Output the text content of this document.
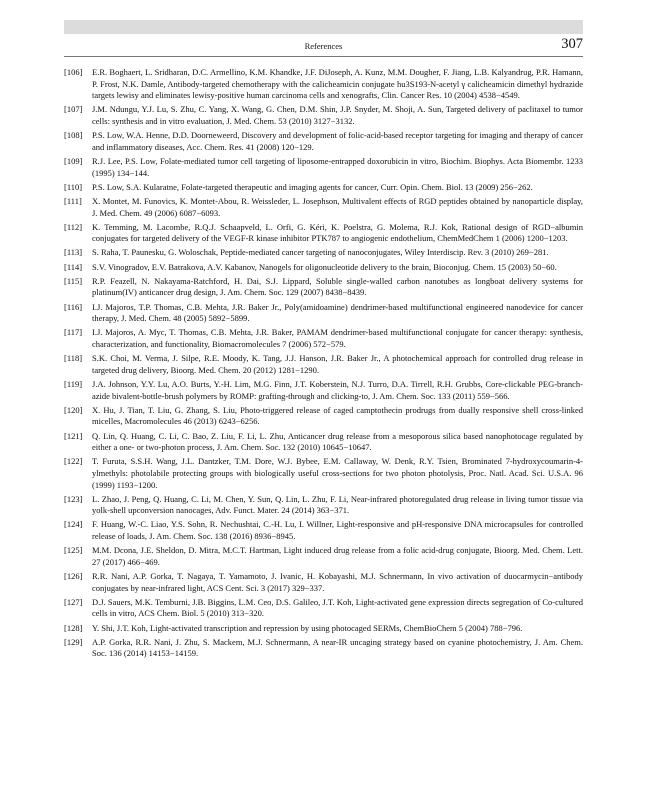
References	307
[106]	E.R. Boghaert, L. Sridharan, D.C. Armellino, K.M. Khandke, J.F. DiJoseph, A. Kunz, M.M. Dougher, F. Jiang, L.B. Kalyandrug, P.R. Hamann, P. Frost, N.K. Damle, Antibody-targeted chemotherapy with the calicheamicin conjugate hu3S193-N-acetyl γ calicheamicin dimethyl hydrazide targets lewisy and eliminates lewisy-positive human carcinoma cells and xenografts, Clin. Cancer Res. 10 (2004) 4538−4549.
[107]	J.M. Ndungu, Y.J. Lu, S. Zhu, C. Yang, X. Wang, G. Chen, D.M. Shin, J.P. Snyder, M. Shoji, A. Sun, Targeted delivery of paclitaxel to tumor cells: synthesis and in vitro evaluation, J. Med. Chem. 53 (2010) 3127−3132.
[108]	P.S. Low, W.A. Henne, D.D. Doorneweerd, Discovery and development of folic-acid-based receptor targeting for imaging and therapy of cancer and inflammatory diseases, Acc. Chem. Res. 41 (2008) 120−129.
[109]	R.J. Lee, P.S. Low, Folate-mediated tumor cell targeting of liposome-entrapped doxorubicin in vitro, Biochim. Biophys. Acta Biomembr. 1233 (1995) 134−144.
[110]	P.S. Low, S.A. Kularatne, Folate-targeted therapeutic and imaging agents for cancer, Curr. Opin. Chem. Biol. 13 (2009) 256−262.
[111]	X. Montet, M. Funovics, K. Montet-Abou, R. Weissleder, L. Josephson, Multivalent effects of RGD peptides obtained by nanoparticle display, J. Med. Chem. 49 (2006) 6087−6093.
[112]	K. Temming, M. Lacombe, R.Q.J. Schaapveld, L. Orfi, G. Kéri, K. Poelstra, G. Molema, R.J. Kok, Rational design of RGD−albumin conjugates for targeted delivery of the VEGF-R kinase inhibitor PTK787 to angiogenic endothelium, ChemMedChem 1 (2006) 1200−1203.
[113]	S. Raha, T. Paunesku, G. Woloschak, Peptide-mediated cancer targeting of nanoconjugates, Wiley Interdiscip. Rev. 3 (2010) 269−281.
[114]	S.V. Vinogradov, E.V. Batrakova, A.V. Kabanov, Nanogels for oligonucleotide delivery to the brain, Bioconjug. Chem. 15 (2003) 50−60.
[115]	R.P. Feazell, N. Nakayama-Ratchford, H. Dai, S.J. Lippard, Soluble single-walled carbon nanotubes as longboat delivery systems for platinum(IV) anticancer drug design, J. Am. Chem. Soc. 129 (2007) 8438−8439.
[116]	I.J. Majoros, T.P. Thomas, C.B. Mehta, J.R. Baker Jr., Poly(amidoamine) dendrimer-based multifunctional engineered nanodevice for cancer therapy, J. Med. Chem. 48 (2005) 5892−5899.
[117]	I.J. Majoros, A. Myc, T. Thomas, C.B. Mehta, J.R. Baker, PAMAM dendrimer-based multifunctional conjugate for cancer therapy: synthesis, characterization, and functionality, Biomacromolecules 7 (2006) 572−579.
[118]	S.K. Choi, M. Verma, J. Silpe, R.E. Moody, K. Tang, J.J. Hanson, J.R. Baker Jr., A photochemical approach for controlled drug release in targeted drug delivery, Bioorg. Med. Chem. 20 (2012) 1281−1290.
[119]	J.A. Johnson, Y.Y. Lu, A.O. Burts, Y.-H. Lim, M.G. Finn, J.T. Koberstein, N.J. Turro, D.A. Tirrell, R.H. Grubbs, Core-clickable PEG-branch-azide bivalent-bottle-brush polymers by ROMP: grafting-through and clicking-to, J. Am. Chem. Soc. 133 (2011) 559−566.
[120]	X. Hu, J. Tian, T. Liu, G. Zhang, S. Liu, Photo-triggered release of caged camptothecin prodrugs from dually responsive shell cross-linked micelles, Macromolecules 46 (2013) 6243−6256.
[121]	Q. Lin, Q. Huang, C. Li, C. Bao, Z. Liu, F. Li, L. Zhu, Anticancer drug release from a mesoporous silica based nanophotocage regulated by either a one- or two-photon process, J. Am. Chem. Soc. 132 (2010) 10645−10647.
[122]	T. Furuta, S.S.H. Wang, J.L. Dantzker, T.M. Dore, W.J. Bybee, E.M. Callaway, W. Denk, R.Y. Tsien, Brominated 7-hydroxycoumarin-4-ylmethyls: photolabile protecting groups with biologically useful cross-sections for two photon photolysis, Proc. Natl. Acad. Sci. U.S.A. 96 (1999) 1193−1200.
[123]	L. Zhao, J. Peng, Q. Huang, C. Li, M. Chen, Y. Sun, Q. Lin, L. Zhu, F. Li, Near-infrared photoregulated drug release in living tumor tissue via yolk-shell upconversion nanocages, Adv. Funct. Mater. 24 (2014) 363−371.
[124]	F. Huang, W.-C. Liao, Y.S. Sohn, R. Nechushtai, C.-H. Lu, I. Willner, Light-responsive and pH-responsive DNA microcapsules for controlled release of loads, J. Am. Chem. Soc. 138 (2016) 8936−8945.
[125]	M.M. Dcona, J.E. Sheldon, D. Mitra, M.C.T. Hartman, Light induced drug release from a folic acid-drug conjugate, Bioorg. Med. Chem. Lett. 27 (2017) 466−469.
[126]	R.R. Nani, A.P. Gorka, T. Nagaya, T. Yamamoto, J. Ivanic, H. Kobayashi, M.J. Schnermann, In vivo activation of duocarmycin−antibody conjugates by near-infrared light, ACS Cent. Sci. 3 (2017) 329−337.
[127]	D.J. Sauers, M.K. Temburni, J.B. Biggins, L.M. Ceo, D.S. Galileo, J.T. Koh, Light-activated gene expression directs segregation of Co-cultured cells in vitro, ACS Chem. Biol. 5 (2010) 313−320.
[128]	Y. Shi, J.T. Koh, Light-activated transcription and repression by using photocaged SERMs, ChemBioChem 5 (2004) 788−796.
[129]	A.P. Gorka, R.R. Nani, J. Zhu, S. Mackem, M.J. Schnermann, A near-IR uncaging strategy based on cyanine photochemistry, J. Am. Chem. Soc. 136 (2014) 14153−14159.
